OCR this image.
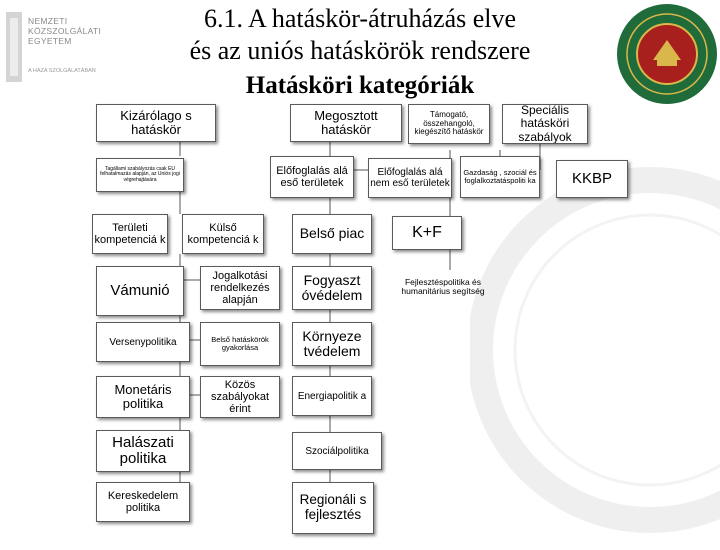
6.1. A hatáskör-átruházás elve
és az uniós hatáskörök rendszere
Hatásköri kategóriák
NEMZETI
KÖZSZOLGÁLATI
EGYETEM
A HAZA SZOLGÁLATÁBAN
Kizárólago s hatáskör
Megosztott hatáskör
Támogató, összehangoló, kiegészítő hatáskör
Speciális hatásköri szabályok
Tagállami szabályozás csak EU felhatalmazás alapján, az Uniós jogi végrehajtására
Előfoglalás alá eső területek
Előfoglalás alá nem eső területek
Gazdaság , szociál és foglalkoztatáspoliti ka	KKBP
Területi kompetenciá k
Külső kompetenciá k	Belső piac	K+F
Vámunió
Jogalkotási rendelkezés alapján
Fogyaszt óvédelem
Fejlesztéspolitika és humanitárius segítség
Versenypolitika	Belső hatáskörök gyakorlása
Környeze tvédelem
Monetáris politika
Közös szabályokat érint
Energiapolitik a
Halászati politika	Szociálpolitika
Kereskedelem politika
Regionáli s fejlesztés
